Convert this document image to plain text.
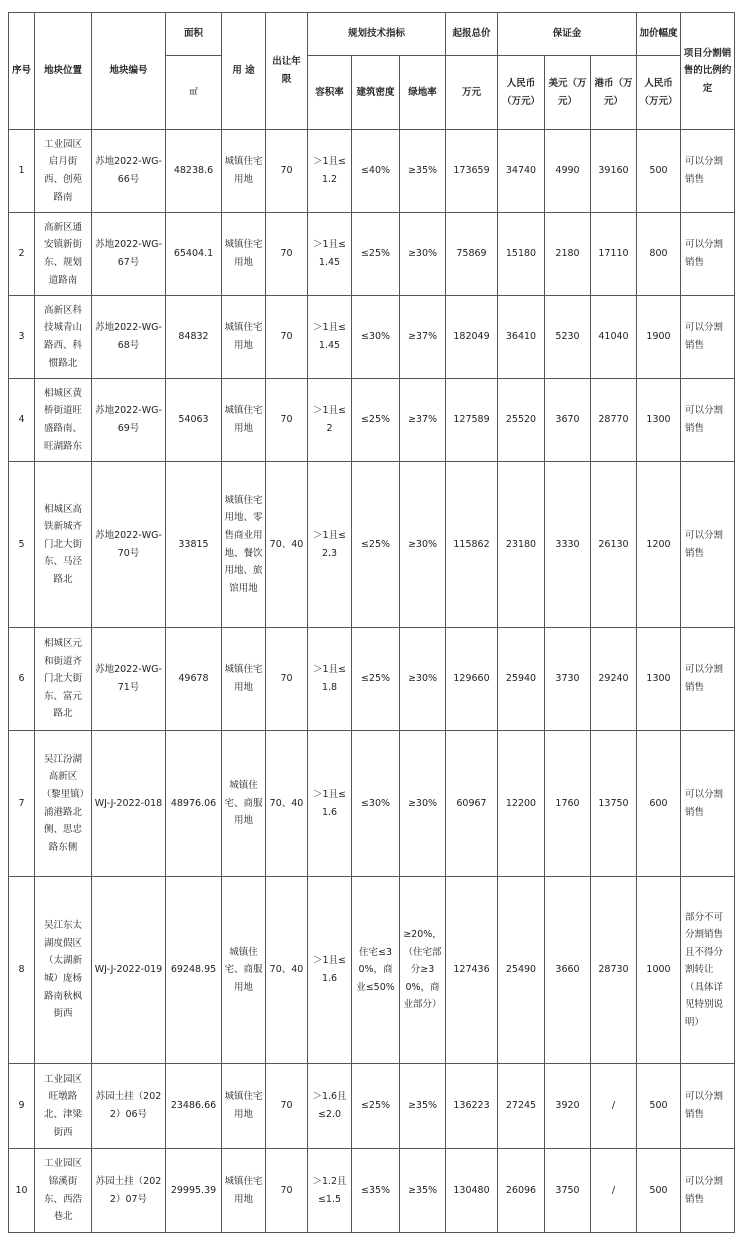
序号	地块位置	地块编号	面积	用 途	出让年限	规划技术指标			起报总价	保证金			加价幅度	项目分割销售的比例约定
			㎡			容积率	建筑密度	绿地率	万元	人民币（万元）	美元（万元）	港币（万元）	人民币（万元）	
1	工业园区启月街西、创苑路南	苏地2022-WG-66号	48238.6	城镇住宅用地	70	＞1且≤1.2	≤40%	≥35%	173659	34740	4990	39160	500	可以分割销售
2	高新区通安镇新街东、规划道路南	苏地2022-WG-67号	65404.1	城镇住宅用地	70	＞1且≤1.45	≤25%	≥30%	75869	15180	2180	17110	800	可以分割销售
3	高新区科技城青山路西、科惯路北	苏地2022-WG-68号	84832	城镇住宅用地	70	＞1且≤1.45	≤30%	≥37%	182049	36410	5230	41040	1900	可以分割销售
4	相城区黄桥街道旺盛路南、旺湖路东	苏地2022-WG-69号	54063	城镇住宅用地	70	＞1且≤2	≤25%	≥37%	127589	25520	3670	28770	1300	可以分割销售
5	相城区高铁新城齐门北大街东、马泾路北	苏地2022-WG-70号	33815	城镇住宅用地、零售商业用地、餐饮用地、旅馆用地	70、40	＞1且≤2.3	≤25%	≥30%	115862	23180	3330	26130	1200	可以分割销售
6	相城区元和街道齐门北大街东、富元路北	苏地2022-WG-71号	49678	城镇住宅用地	70	＞1且≤1.8	≤25%	≥30%	129660	25940	3730	29240	1300	可以分割销售
7	吴江汾湖高新区（黎里镇）浦港路北侧、思忠路东侧	WJ-J-2022-018	48976.06	城镇住宅、商服用地	70、40	＞1且≤1.6	≤30%	≥30%	60967	12200	1760	13750	600	可以分割销售
8	吴江东太湖度假区（太湖新城）庞杨路南秋枫街西	WJ-J-2022-019	69248.95	城镇住宅、商服用地	70、40	＞1且≤1.6	住宅≤30%，商业≤50%	≥20%，（住宅部分≥30%，商业部分）	127436	25490	3660	28730	1000	部分不可分割销售且不得分割转让（具体详见特别说明）
9	工业园区旺墩路北、津梁街西	苏园土挂（2022）06号	23486.66	城镇住宅用地	70	＞1.6且≤2.0	≤25%	≥35%	136223	27245	3920	/	500	可以分割销售
10	工业园区锦溪街东、西浩巷北	苏园土挂（2022）07号	29995.39	城镇住宅用地	70	＞1.2且≤1.5	≤35%	≥35%	130480	26096	3750	/	500	可以分割销售
